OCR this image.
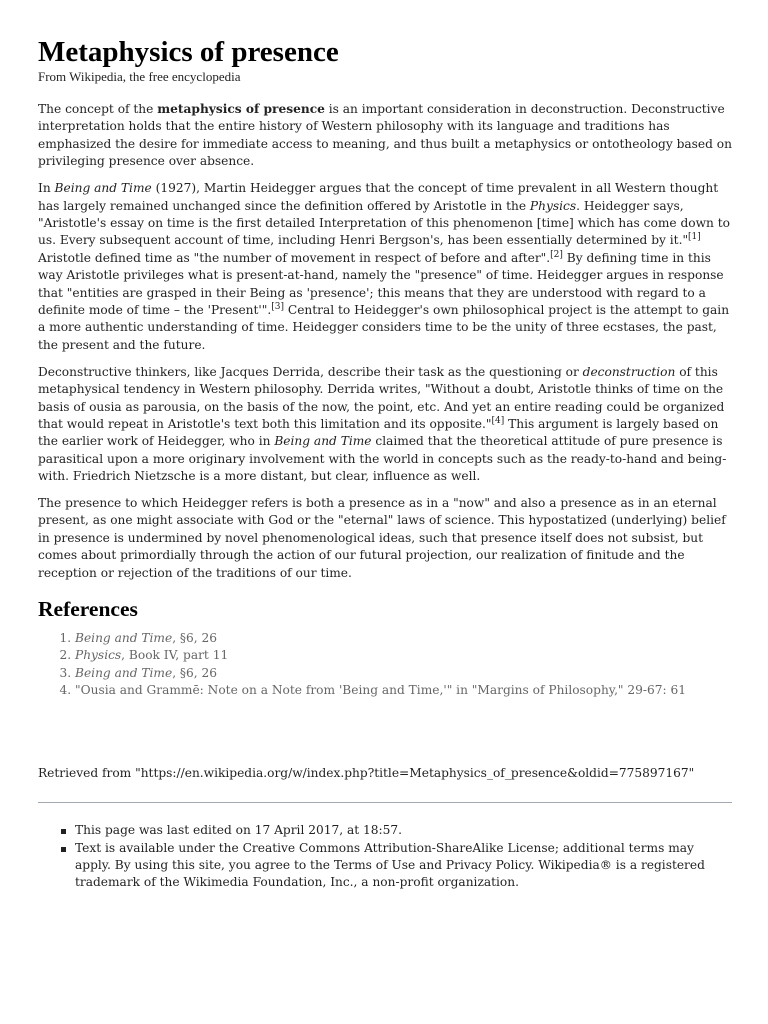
Metaphysics of presence
From Wikipedia, the free encyclopedia

The concept of the metaphysics of presence is an important consideration in deconstruction. Deconstructive interpretation holds that the entire history of Western philosophy with its language and traditions has emphasized the desire for immediate access to meaning, and thus built a metaphysics or ontotheology based on privileging presence over absence.

In Being and Time (1927), Martin Heidegger argues that the concept of time prevalent in all Western thought has largely remained unchanged since the definition offered by Aristotle in the Physics. Heidegger says, "Aristotle's essay on time is the first detailed Interpretation of this phenomenon [time] which has come down to us. Every subsequent account of time, including Henri Bergson's, has been essentially determined by it."[1] Aristotle defined time as "the number of movement in respect of before and after".[2] By defining time in this way Aristotle privileges what is present-at-hand, namely the "presence" of time. Heidegger argues in response that "entities are grasped in their Being as 'presence'; this means that they are understood with regard to a definite mode of time – the 'Present'".[3] Central to Heidegger's own philosophical project is the attempt to gain a more authentic understanding of time. Heidegger considers time to be the unity of three ecstases, the past, the present and the future.

Deconstructive thinkers, like Jacques Derrida, describe their task as the questioning or deconstruction of this metaphysical tendency in Western philosophy. Derrida writes, "Without a doubt, Aristotle thinks of time on the basis of ousia as parousia, on the basis of the now, the point, etc. And yet an entire reading could be organized that would repeat in Aristotle's text both this limitation and its opposite."[4] This argument is largely based on the earlier work of Heidegger, who in Being and Time claimed that the theoretical attitude of pure presence is parasitical upon a more originary involvement with the world in concepts such as the ready-to-hand and being-with. Friedrich Nietzsche is a more distant, but clear, influence as well.

The presence to which Heidegger refers is both a presence as in a "now" and also a presence as in an eternal present, as one might associate with God or the "eternal" laws of science. This hypostatized (underlying) belief in presence is undermined by novel phenomenological ideas, such that presence itself does not subsist, but comes about primordially through the action of our futural projection, our realization of finitude and the reception or rejection of the traditions of our time.

References
1. Being and Time, §6, 26
2. Physics, Book IV, part 11
3. Being and Time, §6, 26
4. "Ousia and Grammē: Note on a Note from 'Being and Time,'" in "Margins of Philosophy," 29-67: 61
Retrieved from "https://en.wikipedia.org/w/index.php?title=Metaphysics_of_presence&oldid=775897167"
This page was last edited on 17 April 2017, at 18:57.
Text is available under the Creative Commons Attribution-ShareAlike License; additional terms may apply. By using this site, you agree to the Terms of Use and Privacy Policy. Wikipedia® is a registered trademark of the Wikimedia Foundation, Inc., a non-profit organization.
